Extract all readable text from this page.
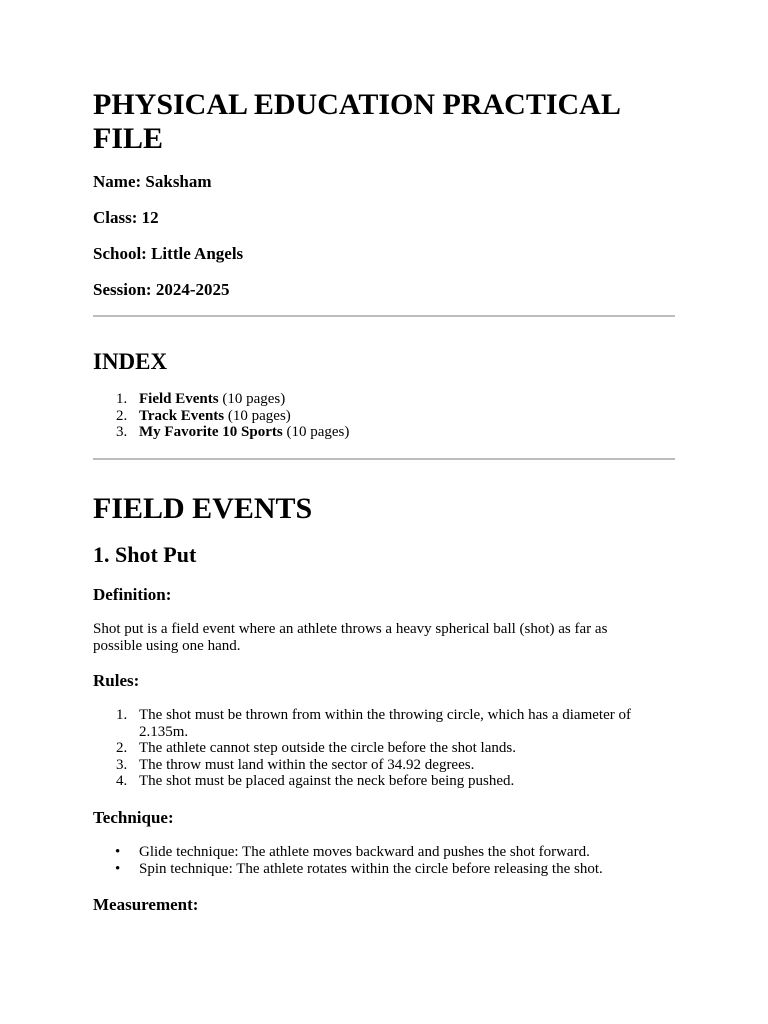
PHYSICAL EDUCATION PRACTICAL FILE
Name: Saksham
Class: 12
School: Little Angels
Session: 2024-2025
INDEX
1. Field Events (10 pages)
2. Track Events (10 pages)
3. My Favorite 10 Sports (10 pages)
FIELD EVENTS
1. Shot Put
Definition:

Shot put is a field event where an athlete throws a heavy spherical ball (shot) as far as
possible using one hand.

Rules:
1. The shot must be thrown from within the throwing circle, which has a diameter of
2.135m.
2. The athlete cannot step outside the circle before the shot lands.
3. The throw must land within the sector of 34.92 degrees.
4. The shot must be placed against the neck before being pushed.
Technique:
• Glide technique: The athlete moves backward and pushes the shot forward.
• Spin technique: The athlete rotates within the circle before releasing the shot.
Measurement:
